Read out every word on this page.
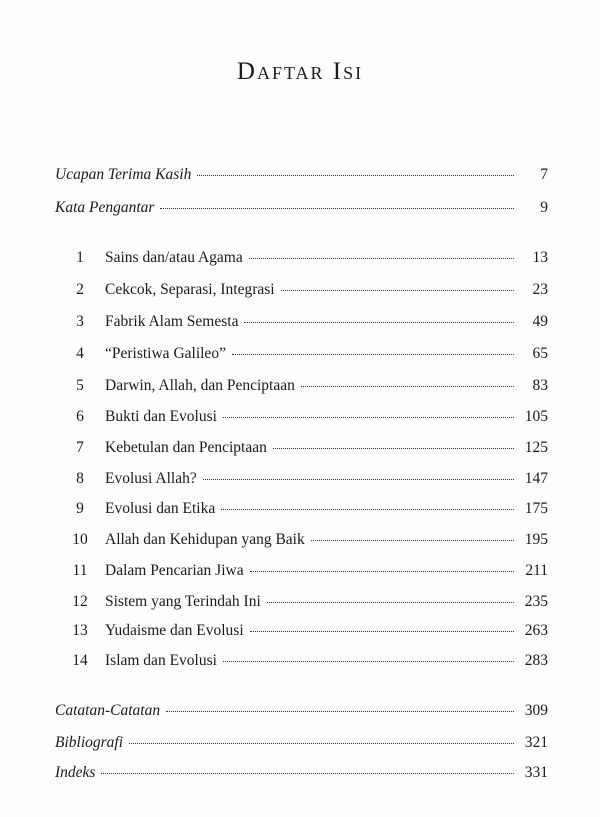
Daftar Isi
Ucapan Terima Kasih	7
Kata Pengantar	9
1	Sains dan/atau Agama	13
2	Cekcok, Separasi, Integrasi	23
3	Fabrik Alam Semesta	49
4	“Peristiwa Galileo”	65
5	Darwin, Allah, dan Penciptaan	83
6	Bukti dan Evolusi	105
7	Kebetulan dan Penciptaan	125
8	Evolusi Allah?	147
9	Evolusi dan Etika	175
10	Allah dan Kehidupan yang Baik	195
11	Dalam Pencarian Jiwa	211
12	Sistem yang Terindah Ini	235
13	Yudaisme dan Evolusi	263
14	Islam dan Evolusi	283
Catatan-Catatan	309
Bibliografi	321
Indeks	331
